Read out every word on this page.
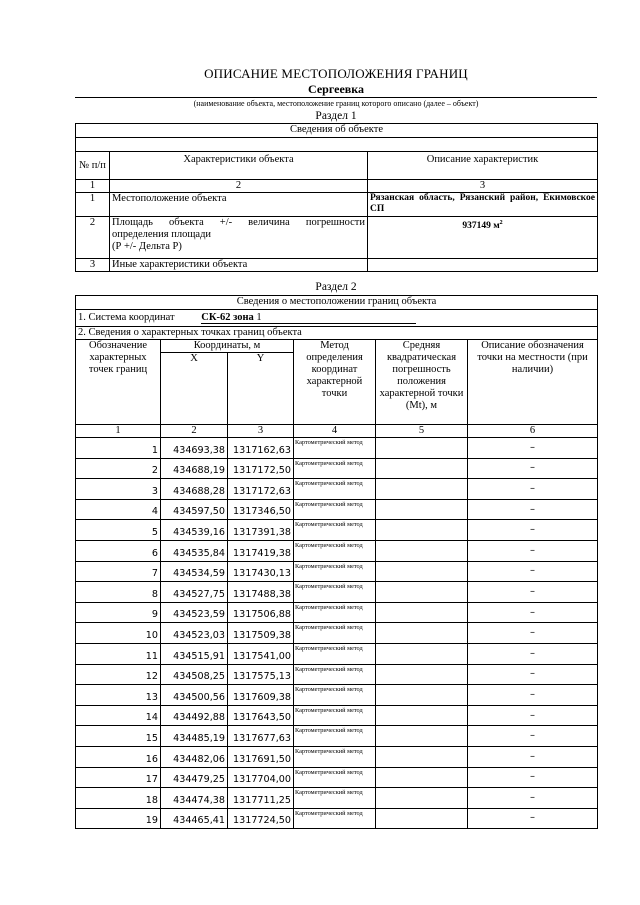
ОПИСАНИЕ МЕСТОПОЛОЖЕНИЯ ГРАНИЦ
Сергеевка
(наименование объекта, местоположение границ которого описано (далее – объект)
Раздел 1
Сведения об объекте		

№ п/п	Характеристики объекта	Описание характеристик
1	2	3
1	Местоположение объекта	Рязанская область, Рязанский район, Екимовское СП
2	Площадь объекта +/- величина погрешности
определения площади
(Р +/- Дельта Р)	937149 $м^2$
3	Иные характеристики объекта	
Раздел 2
Сведения о местоположении границ объекта					
1. Система координат СК-62 зона 1					
2. Сведения о характерных точках границ объекта					
Обозначение характерных точек границ	Координаты, м		Метод определения координат характерной точки	Средняя квадратическая погрешность положения характерной точки (Mt), м	Описание обозначения точки на местности (при наличии)
	X	Y			
1	2	3	4	5	6
1	434693,38	1317162,63	Картометрический метод		–
2	434688,19	1317172,50	Картометрический метод		–
3	434688,28	1317172,63	Картометрический метод		–
4	434597,50	1317346,50	Картометрический метод		–
5	434539,16	1317391,38	Картометрический метод		–
6	434535,84	1317419,38	Картометрический метод		–
7	434534,59	1317430,13	Картометрический метод		–
8	434527,75	1317488,38	Картометрический метод		–
9	434523,59	1317506,88	Картометрический метод		–
10	434523,03	1317509,38	Картометрический метод		–
11	434515,91	1317541,00	Картометрический метод		–
12	434508,25	1317575,13	Картометрический метод		–
13	434500,56	1317609,38	Картометрический метод		–
14	434492,88	1317643,50	Картометрический метод		–
15	434485,19	1317677,63	Картометрический метод		–
16	434482,06	1317691,50	Картометрический метод		–
17	434479,25	1317704,00	Картометрический метод		–
18	434474,38	1317711,25	Картометрический метод		–
19	434465,41	1317724,50	Картометрический метод		–
